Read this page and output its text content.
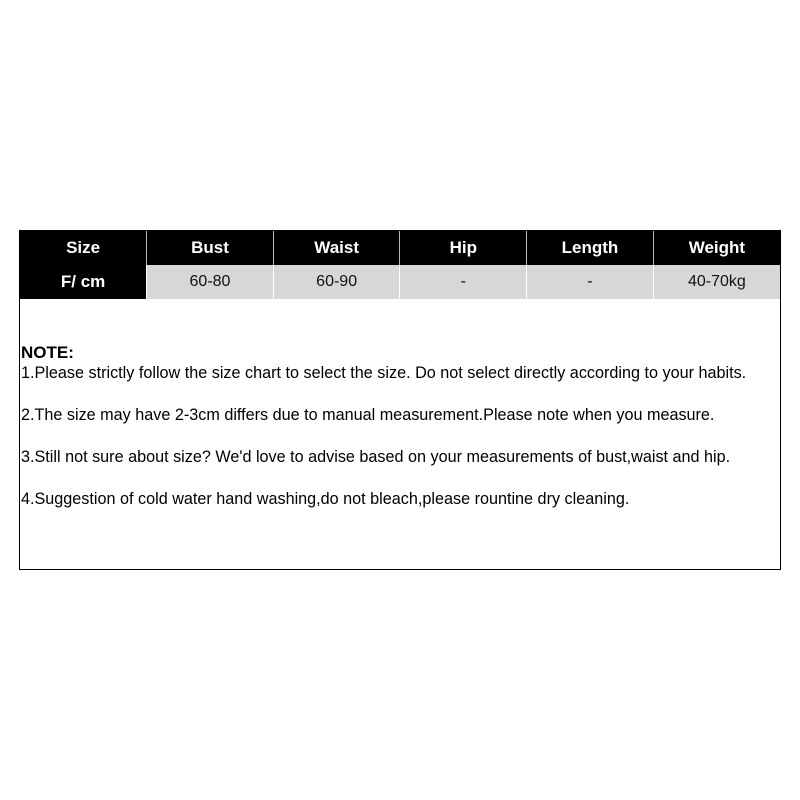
Size	Bust	Waist	Hip	Length	Weight
F/ cm	60-80	60-90	-	-	40-70kg
NOTE:

1.Please strictly follow the size chart to select the size. Do not select directly according to your habits.

2.The size may have 2-3cm differs due to manual measurement.Please note when you measure.

3.Still not sure about size? We'd love to advise based on your measurements of bust,waist and hip.

4.Suggestion of cold water hand washing,do not bleach,please rountine dry cleaning.
